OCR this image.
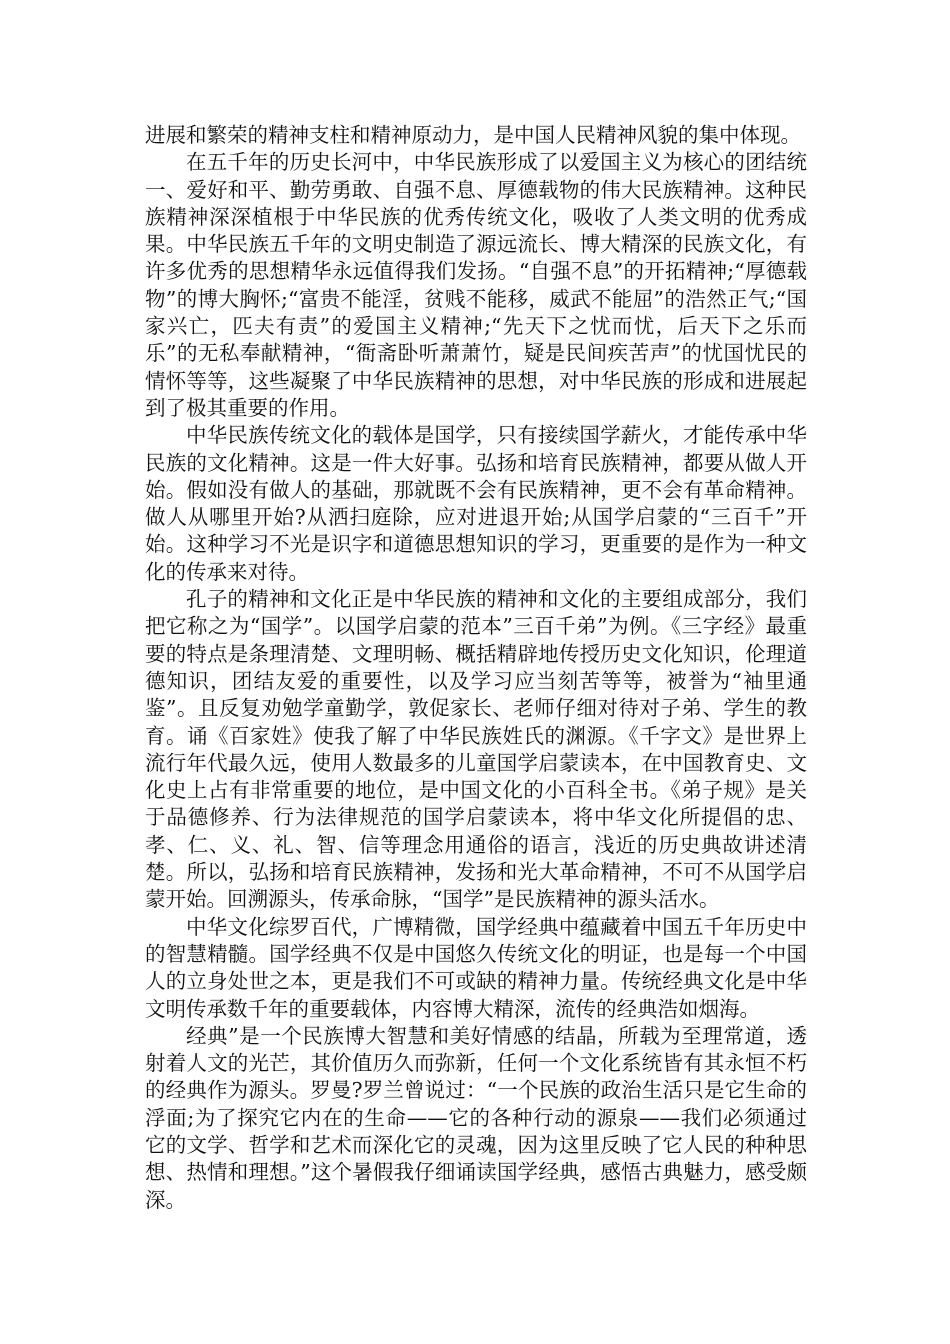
进展和繁荣的精神支柱和精神原动力，是中国人民精神风貌的集中体现。

在五千年的历史长河中，中华民族形成了以爱国主义为核心的团结统一、爱好和平、勤劳勇敢、自强不息、厚德载物的伟大民族精神。这种民族精神深深植根于中华民族的优秀传统文化，吸收了人类文明的优秀成果。中华民族五千年的文明史制造了源远流长、博大精深的民族文化，有许多优秀的思想精华永远值得我们发扬。“自强不息”的开拓精神;“厚德载物”的博大胸怀;“富贵不能淫，贫贱不能移，威武不能屈”的浩然正气;“国家兴亡，匹夫有责”的爱国主义精神;“先天下之忧而忧，后天下之乐而乐”的无私奉献精神，“衙斋卧听萧萧竹，疑是民间疾苦声”的忧国忧民的情怀等等，这些凝聚了中华民族精神的思想，对中华民族的形成和进展起到了极其重要的作用。

中华民族传统文化的载体是国学，只有接续国学薪火，才能传承中华民族的文化精神。这是一件大好事。弘扬和培育民族精神，都要从做人开始。假如没有做人的基础，那就既不会有民族精神，更不会有革命精神。做人从哪里开始?从洒扫庭除，应对进退开始;从国学启蒙的“三百千”开始。这种学习不光是识字和道德思想知识的学习，更重要的是作为一种文化的传承来对待。

孔子的精神和文化正是中华民族的精神和文化的主要组成部分，我们把它称之为“国学”。以国学启蒙的范本”三百千弟”为例。《三字经》最重要的特点是条理清楚、文理明畅、概括精辟地传授历史文化知识，伦理道德知识，团结友爱的重要性，以及学习应当刻苦等等，被誉为“袖里通鉴”。且反复劝勉学童勤学，敦促家长、老师仔细对待对子弟、学生的教育。诵《百家姓》使我了解了中华民族姓氏的渊源。《千字文》是世界上流行年代最久远，使用人数最多的儿童国学启蒙读本，在中国教育史、文化史上占有非常重要的地位，是中国文化的小百科全书。《弟子规》是关于品德修养、行为法律规范的国学启蒙读本，将中华文化所提倡的忠、孝、仁、义、礼、智、信等理念用通俗的语言，浅近的历史典故讲述清楚。所以，弘扬和培育民族精神，发扬和光大革命精神，不可不从国学启蒙开始。回溯源头，传承命脉，“国学”是民族精神的源头活水。

中华文化综罗百代，广博精微，国学经典中蕴藏着中国五千年历史中的智慧精髓。国学经典不仅是中国悠久传统文化的明证，也是每一个中国人的立身处世之本，更是我们不可或缺的精神力量。传统经典文化是中华文明传承数千年的重要载体，内容博大精深，流传的经典浩如烟海。

经典”是一个民族博大智慧和美好情感的结晶，所载为至理常道，透射着人文的光芒，其价值历久而弥新，任何一个文化系统皆有其永恒不朽的经典作为源头。罗曼?罗兰曾说过：“一个民族的政治生活只是它生命的浮面;为了探究它内在的生命——它的各种行动的源泉——我们必须通过它的文学、哲学和艺术而深化它的灵魂，因为这里反映了它人民的种种思想、热情和理想。”这个暑假我仔细诵读国学经典，感悟古典魅力，感受颇深。
